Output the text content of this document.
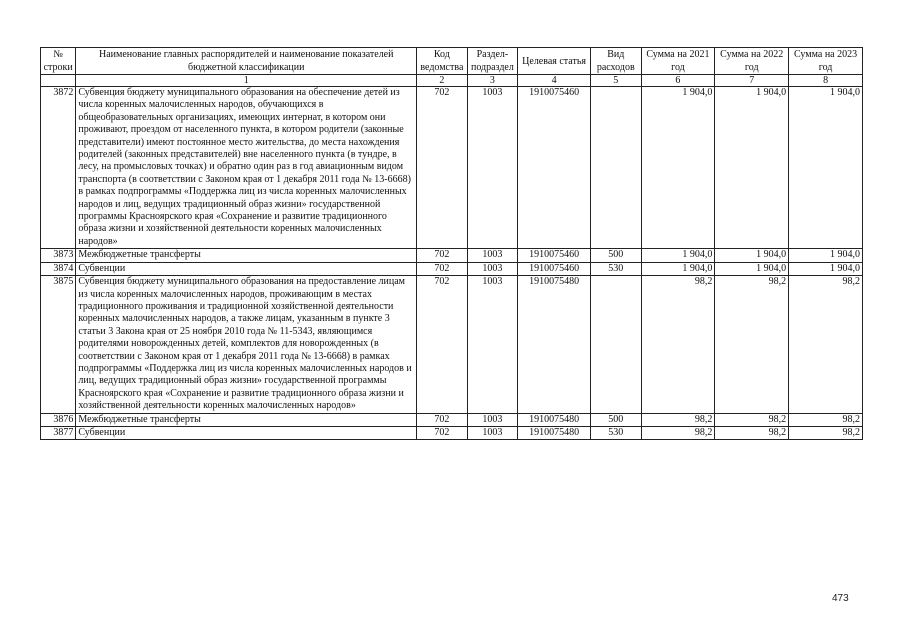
№ строки	Наименование главных распорядителей и наименование показателей бюджетной классификации	Код ведомства	Раздел-подраздел	Целевая статья	Вид расходов	Сумма на 2021 год	Сумма на 2022 год	Сумма на 2023 год
	1	2	3	4	5	6	7	8
3872	Субвенция бюджету муниципального образования на обеспечение детей из числа коренных малочисленных народов, обучающихся в общеобразовательных организациях, имеющих интернат, в котором они проживают, проездом от населенного пункта, в котором родители (законные представители) имеют постоянное место жительства, до места нахождения родителей (законных представителей) вне населенного пункта (в тундре, в лесу, на промысловых точках) и обратно один раз в год авиационным видом транспорта (в соответствии с Законом края от 1 декабря 2011 года № 13-6668) в рамках подпрограммы «Поддержка лиц из числа коренных малочисленных народов и лиц, ведущих традиционный образ жизни» государственной программы Красноярского края «Сохранение и развитие традиционного образа жизни и хозяйственной деятельности коренных малочисленных народов»	702	1003	1910075460		1 904,0	1 904,0	1 904,0
3873	Межбюджетные трансферты	702	1003	1910075460	500	1 904,0	1 904,0	1 904,0
3874	Субвенции	702	1003	1910075460	530	1 904,0	1 904,0	1 904,0
3875	Субвенция бюджету муниципального образования на предоставление лицам из числа коренных малочисленных народов, проживающим в местах традиционного проживания и традиционной хозяйственной деятельности коренных малочисленных народов, а также лицам, указанным в пункте 3 статьи 3 Закона края от 25 ноября 2010 года № 11-5343, являющимся родителями новорожденных детей, комплектов для новорожденных (в соответствии с Законом края от 1 декабря 2011 года № 13-6668) в рамках подпрограммы «Поддержка лиц из числа коренных малочисленных народов и лиц, ведущих традиционный образ жизни» государственной программы Красноярского края «Сохранение и развитие традиционного образа жизни и хозяйственной деятельности коренных малочисленных народов»	702	1003	1910075480		98,2	98,2	98,2
3876	Межбюджетные трансферты	702	1003	1910075480	500	98,2	98,2	98,2
3877	Субвенции	702	1003	1910075480	530	98,2	98,2	98,2
473
